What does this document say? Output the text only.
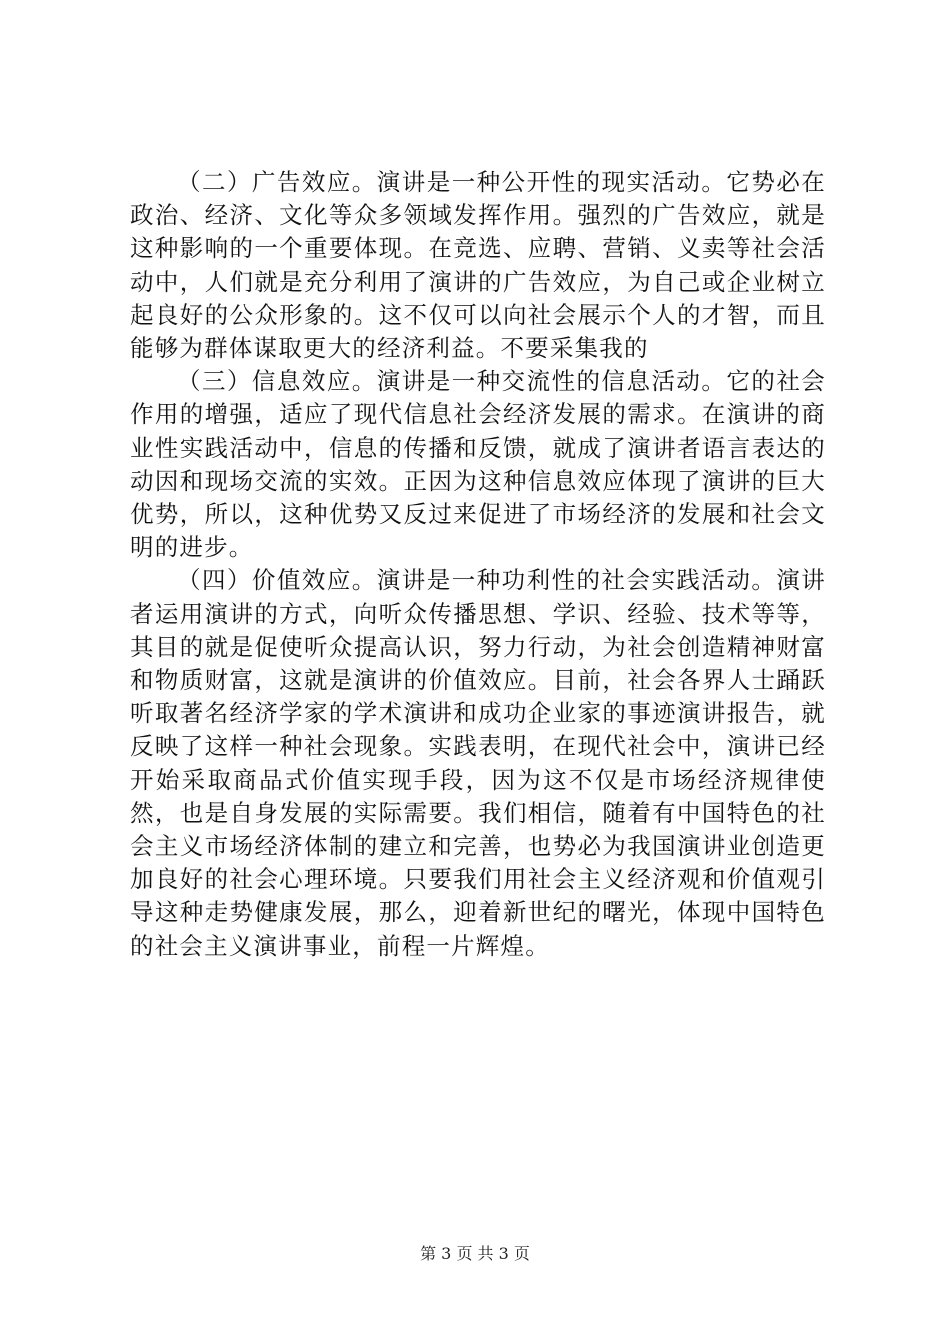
（二）广告效应。演讲是一种公开性的现实活动。它势必在政治、经济、文化等众多领域发挥作用。强烈的广告效应，就是这种影响的一个重要体现。在竞选、应聘、营销、义卖等社会活动中，人们就是充分利用了演讲的广告效应，为自己或企业树立起良好的公众形象的。这不仅可以向社会展示个人的才智，而且能够为群体谋取更大的经济利益。不要采集我的

（三）信息效应。演讲是一种交流性的信息活动。它的社会作用的增强，适应了现代信息社会经济发展的需求。在演讲的商业性实践活动中，信息的传播和反馈，就成了演讲者语言表达的动因和现场交流的实效。正因为这种信息效应体现了演讲的巨大优势，所以，这种优势又反过来促进了市场经济的发展和社会文明的进步。

（四）价值效应。演讲是一种功利性的社会实践活动。演讲者运用演讲的方式，向听众传播思想、学识、经验、技术等等，其目的就是促使听众提高认识，努力行动，为社会创造精神财富和物质财富，这就是演讲的价值效应。目前，社会各界人士踊跃听取著名经济学家的学术演讲和成功企业家的事迹演讲报告，就反映了这样一种社会现象。实践表明，在现代社会中，演讲已经开始采取商品式价值实现手段，因为这不仅是市场经济规律使然，也是自身发展的实际需要。我们相信，随着有中国特色的社会主义市场经济体制的建立和完善，也势必为我国演讲业创造更加良好的社会心理环境。只要我们用社会主义经济观和价值观引导这种走势健康发展，那么，迎着新世纪的曙光，体现中国特色的社会主义演讲事业，前程一片辉煌。

第 3 页 共 3 页
